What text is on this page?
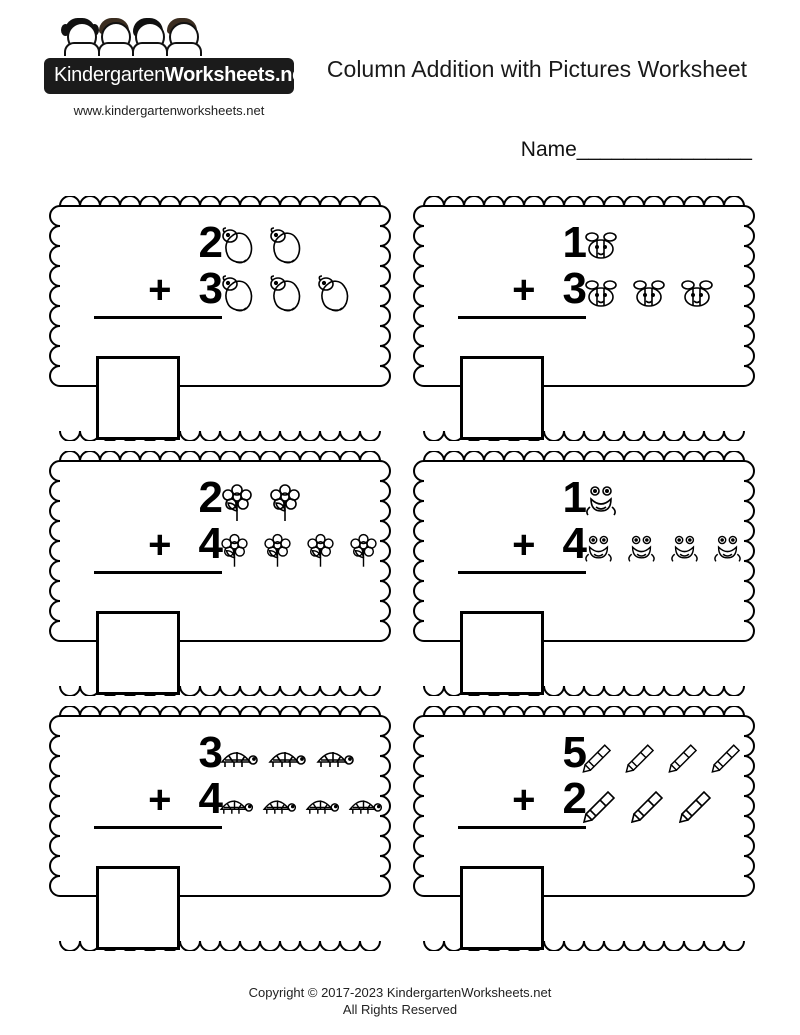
KindergartenWorksheets.net
www.kindergartenworksheets.net
Column Addition with Pictures Worksheet
Name_______________
2
+ 3
1
+ 3
2
+ 4
1
+ 4
3
+ 4
5
+ 2
Copyright © 2017-2023 KindergartenWorksheets.net
All Rights Reserved
